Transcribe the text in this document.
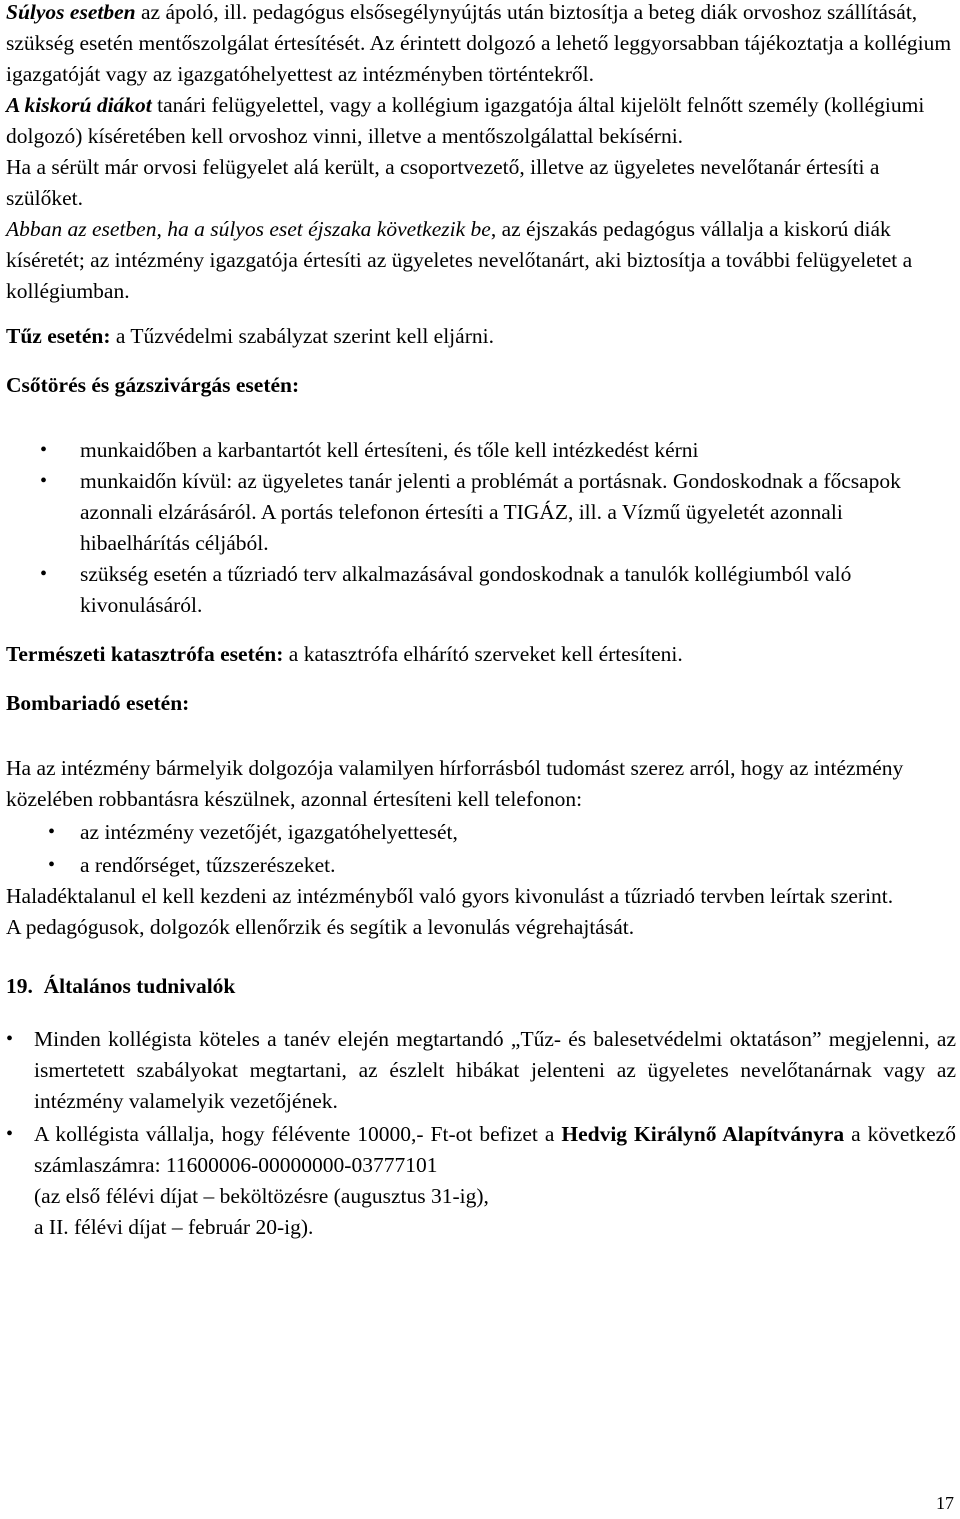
Súlyos esetben az ápoló, ill. pedagógus elsősegélynyújtás után biztosítja a beteg diák orvoshoz szállítását, szükség esetén mentőszolgálat értesítését. Az érintett dolgozó a lehető leggyorsabban tájékoztatja a kollégium igazgatóját vagy az igazgatóhelyettest az intézményben történtekről.

A kiskorú diákot tanári felügyelettel, vagy a kollégium igazgatója által kijelölt felnőtt személy (kollégiumi dolgozó) kíséretében kell orvoshoz vinni, illetve a mentőszolgálattal bekísérni.

Ha a sérült már orvosi felügyelet alá került, a csoportvezető, illetve az ügyeletes nevelőtanár értesíti a szülőket.

Abban az esetben, ha a súlyos eset éjszaka következik be, az éjszakás pedagógus vállalja a kiskorú diák kíséretét; az intézmény igazgatója értesíti az ügyeletes nevelőtanárt, aki biztosítja a további felügyeletet a kollégiumban.

Tűz esetén: a Tűzvédelmi szabályzat szerint kell eljárni.

Csőtörés és gázszivárgás esetén:

• munkaidőben a karbantartót kell értesíteni, és tőle kell intézkedést kérni
• munkaidőn kívül: az ügyeletes tanár jelenti a problémát a portásnak. Gondoskodnak a főcsapok azonnali elzárásáról. A portás telefonon értesíti a TIGÁZ, ill. a Vízmű ügyeletét azonnali hibaelhárítás céljából.
• szükség esetén a tűzriadó terv alkalmazásával gondoskodnak a tanulók kollégiumból való kivonulásáról.

Természeti katasztrófa esetén: a katasztrófa elhárító szerveket kell értesíteni.

Bombariadó esetén:

Ha az intézmény bármelyik dolgozója valamilyen hírforrásból tudomást szerez arról, hogy az intézmény közelében robbantásra készülnek, azonnal értesíteni kell telefonon:

• az intézmény vezetőjét, igazgatóhelyettesét,
• a rendőrséget, tűzszerészeket.

Haladéktalanul el kell kezdeni az intézményből való gyors kivonulást a tűzriadó tervben leírtak szerint.

A pedagógusok, dolgozók ellenőrzik és segítik a levonulás végrehajtását.

19. Általános tudnivalók

• Minden kollégista köteles a tanév elején megtartandó „Tűz- és balesetvédelmi oktatáson” megjelenni, az ismertetett szabályokat megtartani, az észlelt hibákat jelenteni az ügyeletes nevelőtanárnak vagy az intézmény valamelyik vezetőjének.
• A kollégista vállalja, hogy félévente 10000,- Ft-ot befizet a Hedvig Királynő Alapítványra a következő számlaszámra: 11600006-00000000-03777101

(az első félévi díjat – beköltözésre (augusztus 31-ig),

a II. félévi díjat – február 20-ig).

17
